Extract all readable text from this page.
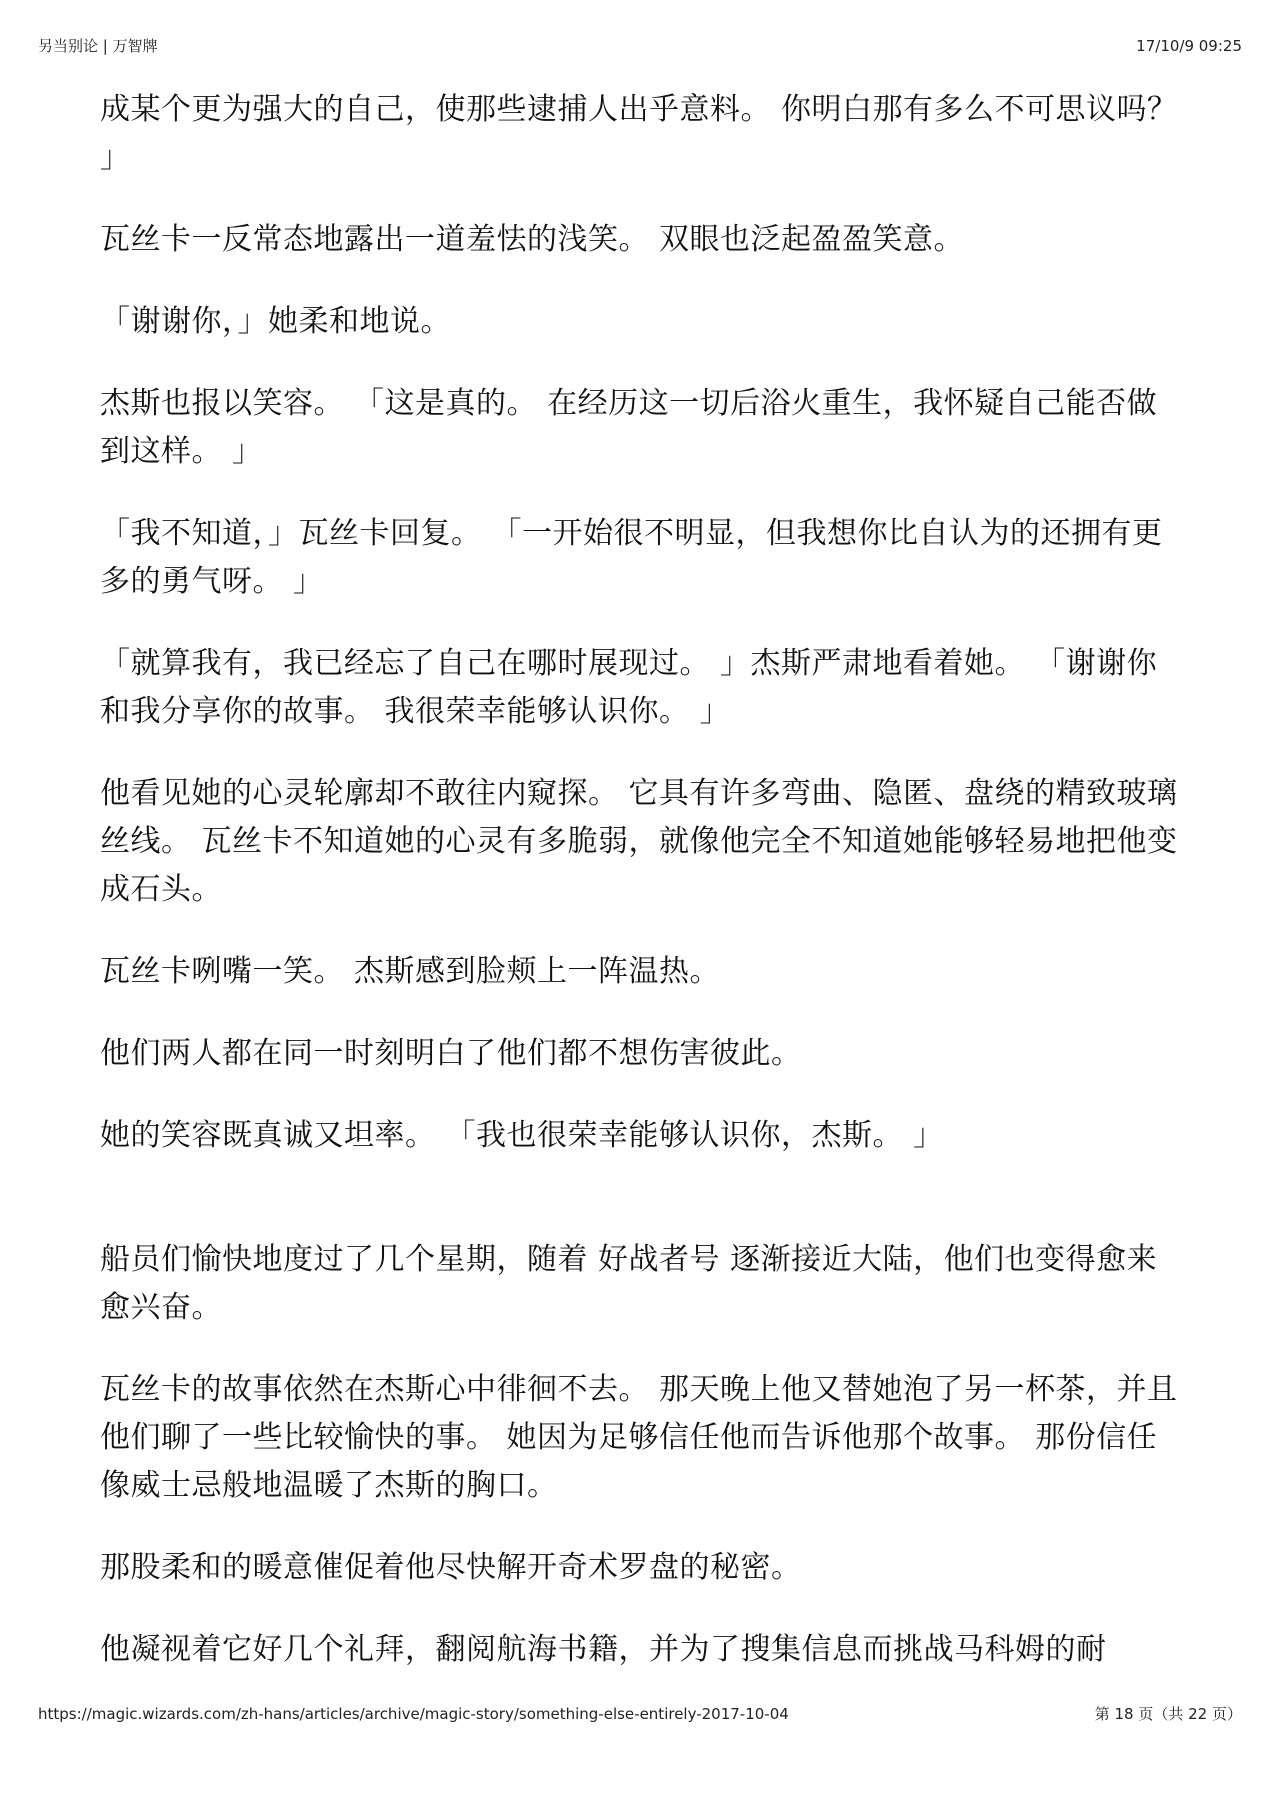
另当别论 | 万智牌	17/10/9 09:25

成某个更为强大的自己，使那些逮捕人出乎意料。 你明白那有多么不可思议吗？ 」

瓦丝卡一反常态地露出一道羞怯的浅笑。 双眼也泛起盈盈笑意。

「谢谢你，」她柔和地说。

杰斯也报以笑容。 「这是真的。 在经历这一切后浴火重生，我怀疑自己能否做到这样。 」

「我不知道，」瓦丝卡回复。 「一开始很不明显，但我想你比自认为的还拥有更多的勇气呀。 」

「就算我有，我已经忘了自己在哪时展现过。 」杰斯严肃地看着她。 「谢谢你和我分享你的故事。 我很荣幸能够认识你。 」

他看见她的心灵轮廓却不敢往内窥探。 它具有许多弯曲、隐匿、盘绕的精致玻璃丝线。 瓦丝卡不知道她的心灵有多脆弱，就像他完全不知道她能够轻易地把他变成石头。

瓦丝卡咧嘴一笑。 杰斯感到脸颊上一阵温热。

他们两人都在同一时刻明白了他们都不想伤害彼此。

她的笑容既真诚又坦率。 「我也很荣幸能够认识你，杰斯。 」

船员们愉快地度过了几个星期，随着 好战者号 逐渐接近大陆，他们也变得愈来愈兴奋。

瓦丝卡的故事依然在杰斯心中徘徊不去。 那天晚上他又替她泡了另一杯茶，并且他们聊了一些比较愉快的事。 她因为足够信任他而告诉他那个故事。 那份信任像威士忌般地温暖了杰斯的胸口。

那股柔和的暖意催促着他尽快解开奇术罗盘的秘密。

他凝视着它好几个礼拜，翻阅航海书籍，并为了搜集信息而挑战马科姆的耐

https://magic.wizards.com/zh-hans/articles/archive/magic-story/something-else-entirely-2017-10-04	第 18 页（共 22 页）
